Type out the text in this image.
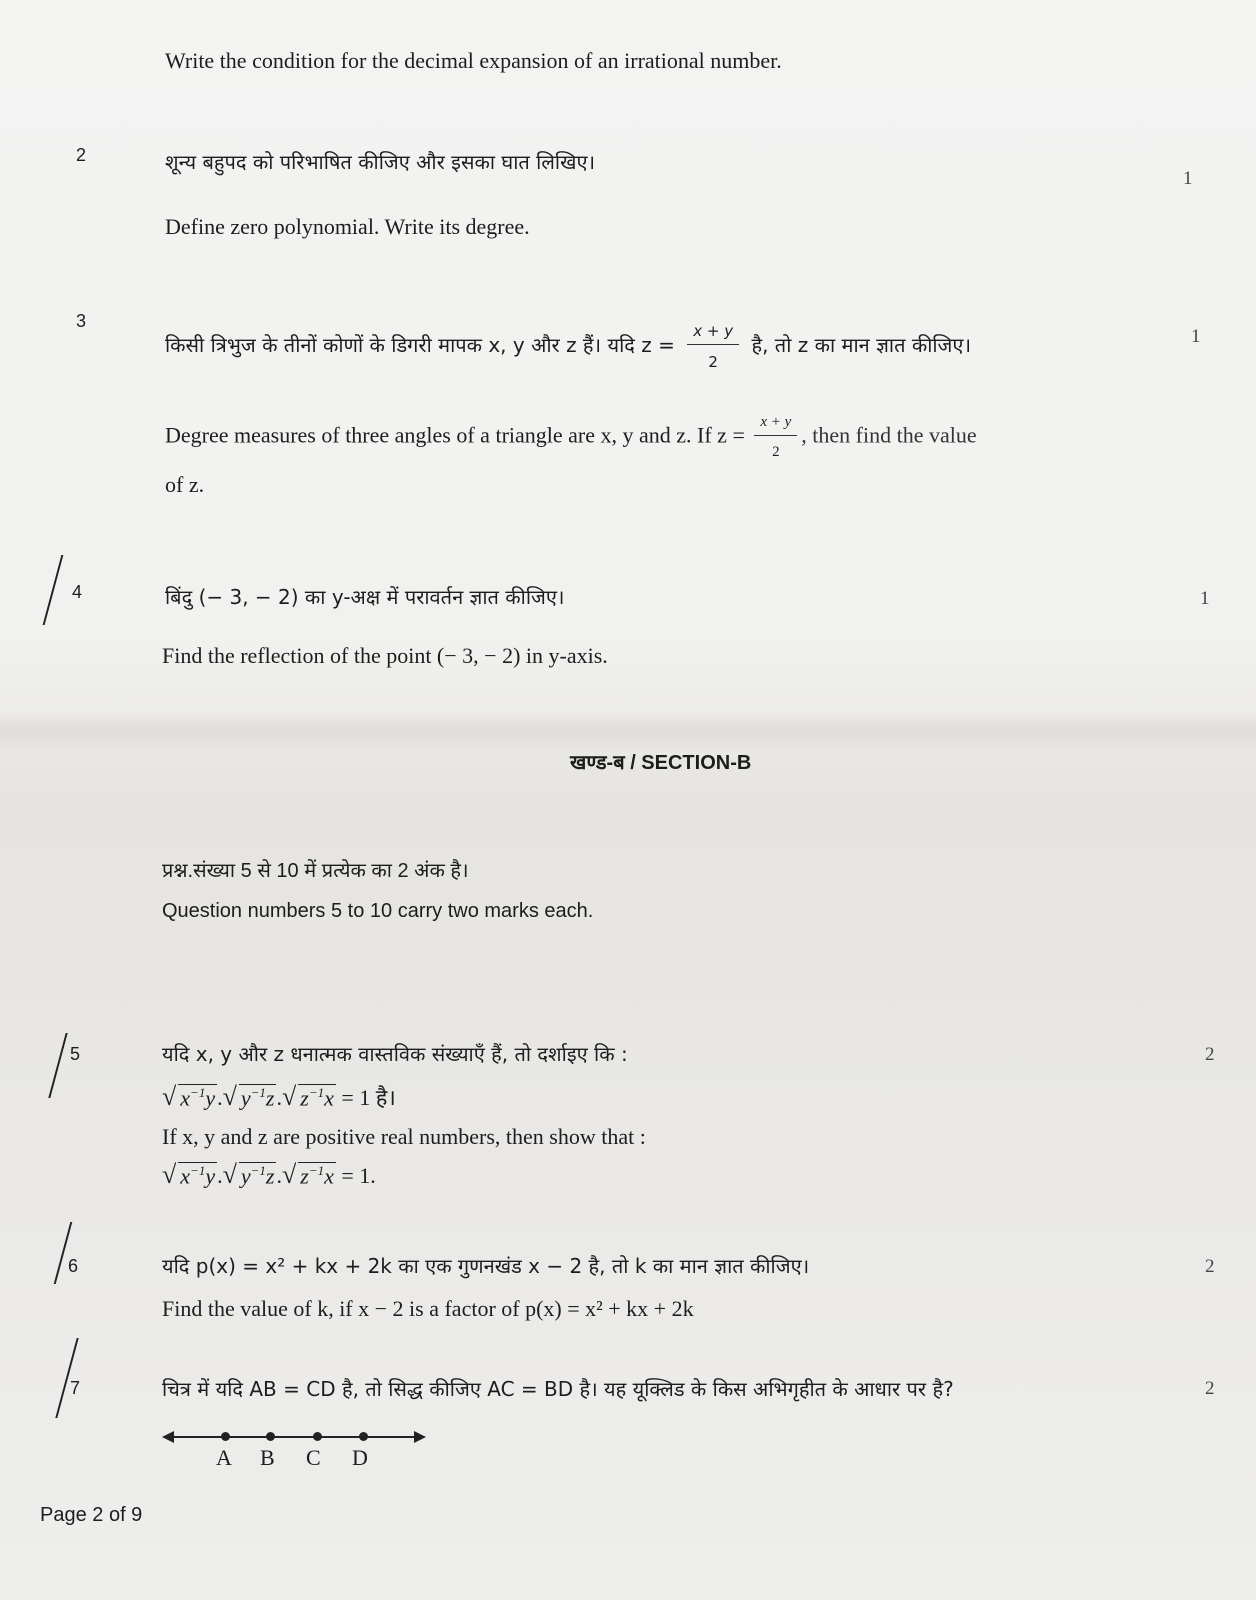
Write the condition for the decimal expansion of an irrational number.
2	शून्य बहुपद को परिभाषित कीजिए और इसका घात लिखिए।
1
Define zero polynomial. Write its degree.
3
किसी त्रिभुज के तीनों कोणों के डिगरी मापक x, y और z हैं। यदि $z = \frac{x + y}{2}$ है, तो z का मान ज्ञात कीजिए।	1
Degree measures of three angles of a triangle are x, y and z. If $z = \frac{x + y}{2}$ , then find the value
of z.
4	बिंदु (− 3, − 2) का y-अक्ष में परावर्तन ज्ञात कीजिए।	1
Find the reflection of the point (− 3, − 2) in y-axis.
खण्ड-ब / SECTION-B
प्रश्न.संख्या 5 से 10 में प्रत्येक का 2 अंक है।
Question numbers 5 to 10 carry two marks each.
5	यदि x, y और z धनात्मक वास्तविक संख्याएँ हैं, तो दर्शाइए कि :	2
√ $x^{-1}y.√$ $y^{-1}z.√$ $z^{-1}x = 1$ है।
If x, y and z are positive real numbers, then show that :
√ $x^{-1}y.√$ $y^{-1}z.√$ $z^{-1}x = 1$.
6	यदि p(x) = x² + kx + 2k का एक गुणनखंड x − 2 है, तो k का मान ज्ञात कीजिए।	2
Find the value of k, if x − 2 is a factor of p(x) = x² + kx + 2k
7	चित्र में यदि AB = CD है, तो सिद्ध कीजिए AC = BD है। यह यूक्लिड के किस अभिगृहीत के आधार पर है?	2
A B C D
Page 2 of 9
